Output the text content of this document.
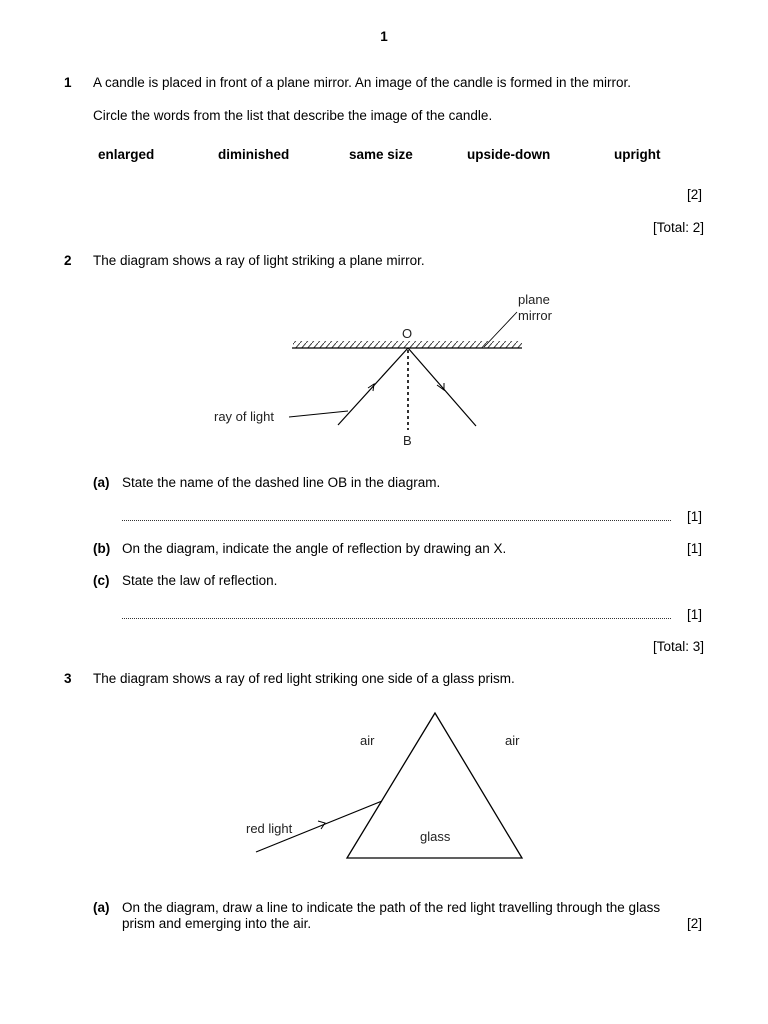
1
1 A candle is placed in front of a plane mirror. An image of the candle is formed in the mirror.
Circle the words from the list that describe the image of the candle.
enlarged	diminished	same size	upside-down	upright
[2]
[Total: 2]
2 The diagram shows a ray of light striking a plane mirror.
plane
mirror
O
B
ray of light
(a) State the name of the dashed line OB in the diagram.
[1]
(b) On the diagram, indicate the angle of reflection by drawing an X.	[1]
(c) State the law of reflection.
[1]
[Total: 3]
3 The diagram shows a ray of red light striking one side of a glass prism.
air	air
glass
red light
(a) On the diagram, draw a line to indicate the path of the red light travelling through the glass
prism and emerging into the air.	[2]
